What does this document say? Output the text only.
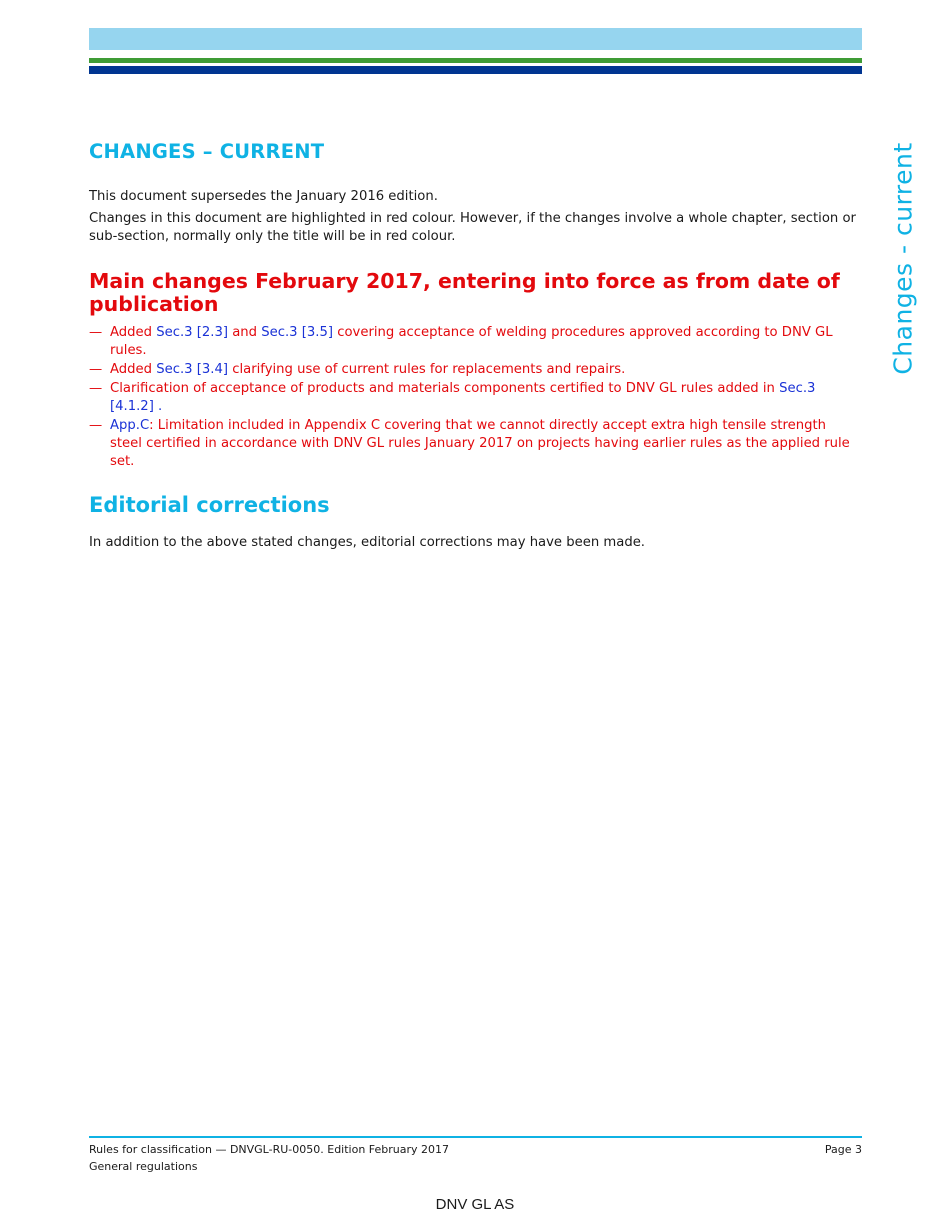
Changes - current
CHANGES – CURRENT

This document supersedes the January 2016 edition.

Changes in this document are highlighted in red colour. However, if the changes involve a whole chapter, section or sub-section, normally only the title will be in red colour.

Main changes February 2017, entering into force as from date of publication
— Added Sec.3 [2.3] and Sec.3 [3.5] covering acceptance of welding procedures approved according to DNV GL rules.
— Added Sec.3 [3.4] clarifying use of current rules for replacements and repairs.
— Clarification of acceptance of products and materials components certified to DNV GL rules added in Sec.3 [4.1.2] .
— App.C: Limitation included in Appendix C covering that we cannot directly accept extra high tensile strength steel certified in accordance with DNV GL rules January 2017 on projects having earlier rules as the applied rule set.
Editorial corrections

In addition to the above stated changes, editorial corrections may have been made.

Rules for classification — DNVGL-RU-0050. Edition February 2017
General regulations
Page 3
DNV GL AS
